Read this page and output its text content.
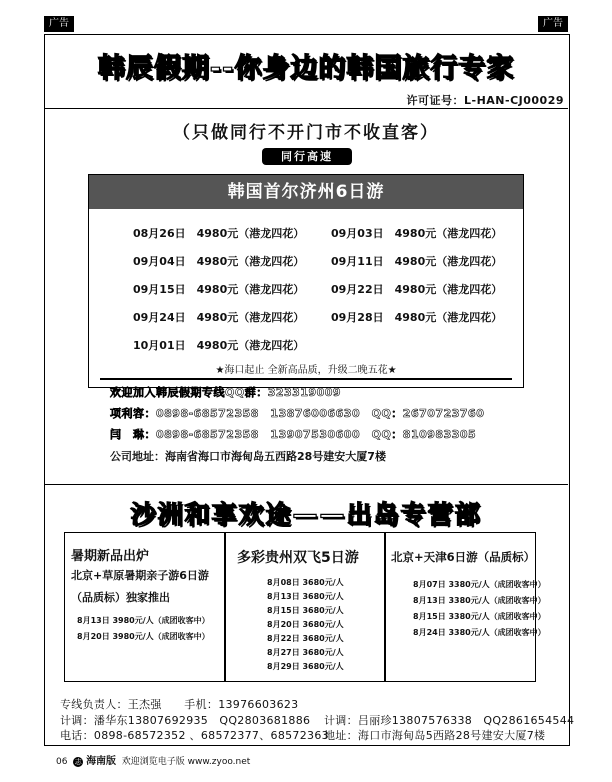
广告	广告
韩辰假期--你身边的韩国旅行专家
许可证号：L-HAN-CJ00029
（只做同行不开门市不收直客）
同行高速
韩国首尔济州6日游
08月26日　4980元（港龙四花）
09月04日　4980元（港龙四花）
09月15日　4980元（港龙四花）
09月24日　4980元（港龙四花）
10月01日　4980元（港龙四花）
09月03日　4980元（港龙四花）
09月11日　4980元（港龙四花）
09月22日　4980元（港龙四花）
09月28日　4980元（港龙四花）
★海口起止 全新高品质，升级二晚五花★
欢迎加入韩辰假期专线QQ群：323319009
项利容：0898-68572358　13876006630　QQ：2670723760
闫　琳：0898-68572358　13907530600　QQ：810983305
公司地址：海南省海口市海甸岛五西路28号建安大厦7楼
沙洲和享欢途——出岛专营部
暑期新品出炉
北京+草原暑期亲子游6日游
（品质标）独家推出
8月13日 3980元/人（成团收客中）
8月20日 3980元/人（成团收客中）
多彩贵州双飞5日游
8月08日 3680元/人
8月13日 3680元/人
8月15日 3680元/人
8月20日 3680元/人
8月22日 3680元/人
8月27日 3680元/人
8月29日 3680元/人
北京+天津6日游（品质标）
8月07日 3380元/人（成团收客中）
8月13日 3380元/人（成团收客中）
8月15日 3380元/人（成团收客中）
8月24日 3380元/人（成团收客中）
专线负责人：王杰强　　手机：13976603623
计调：潘华东13807692935　QQ2803681886 计调：吕丽珍13807576338　QQ2861654544
电话：0898-68572352 、68572377、68572363
地址：海口市海甸岛5西路28号建安大厦7楼
06 志 海南版 欢迎浏览电子版 www.zyoo.net
